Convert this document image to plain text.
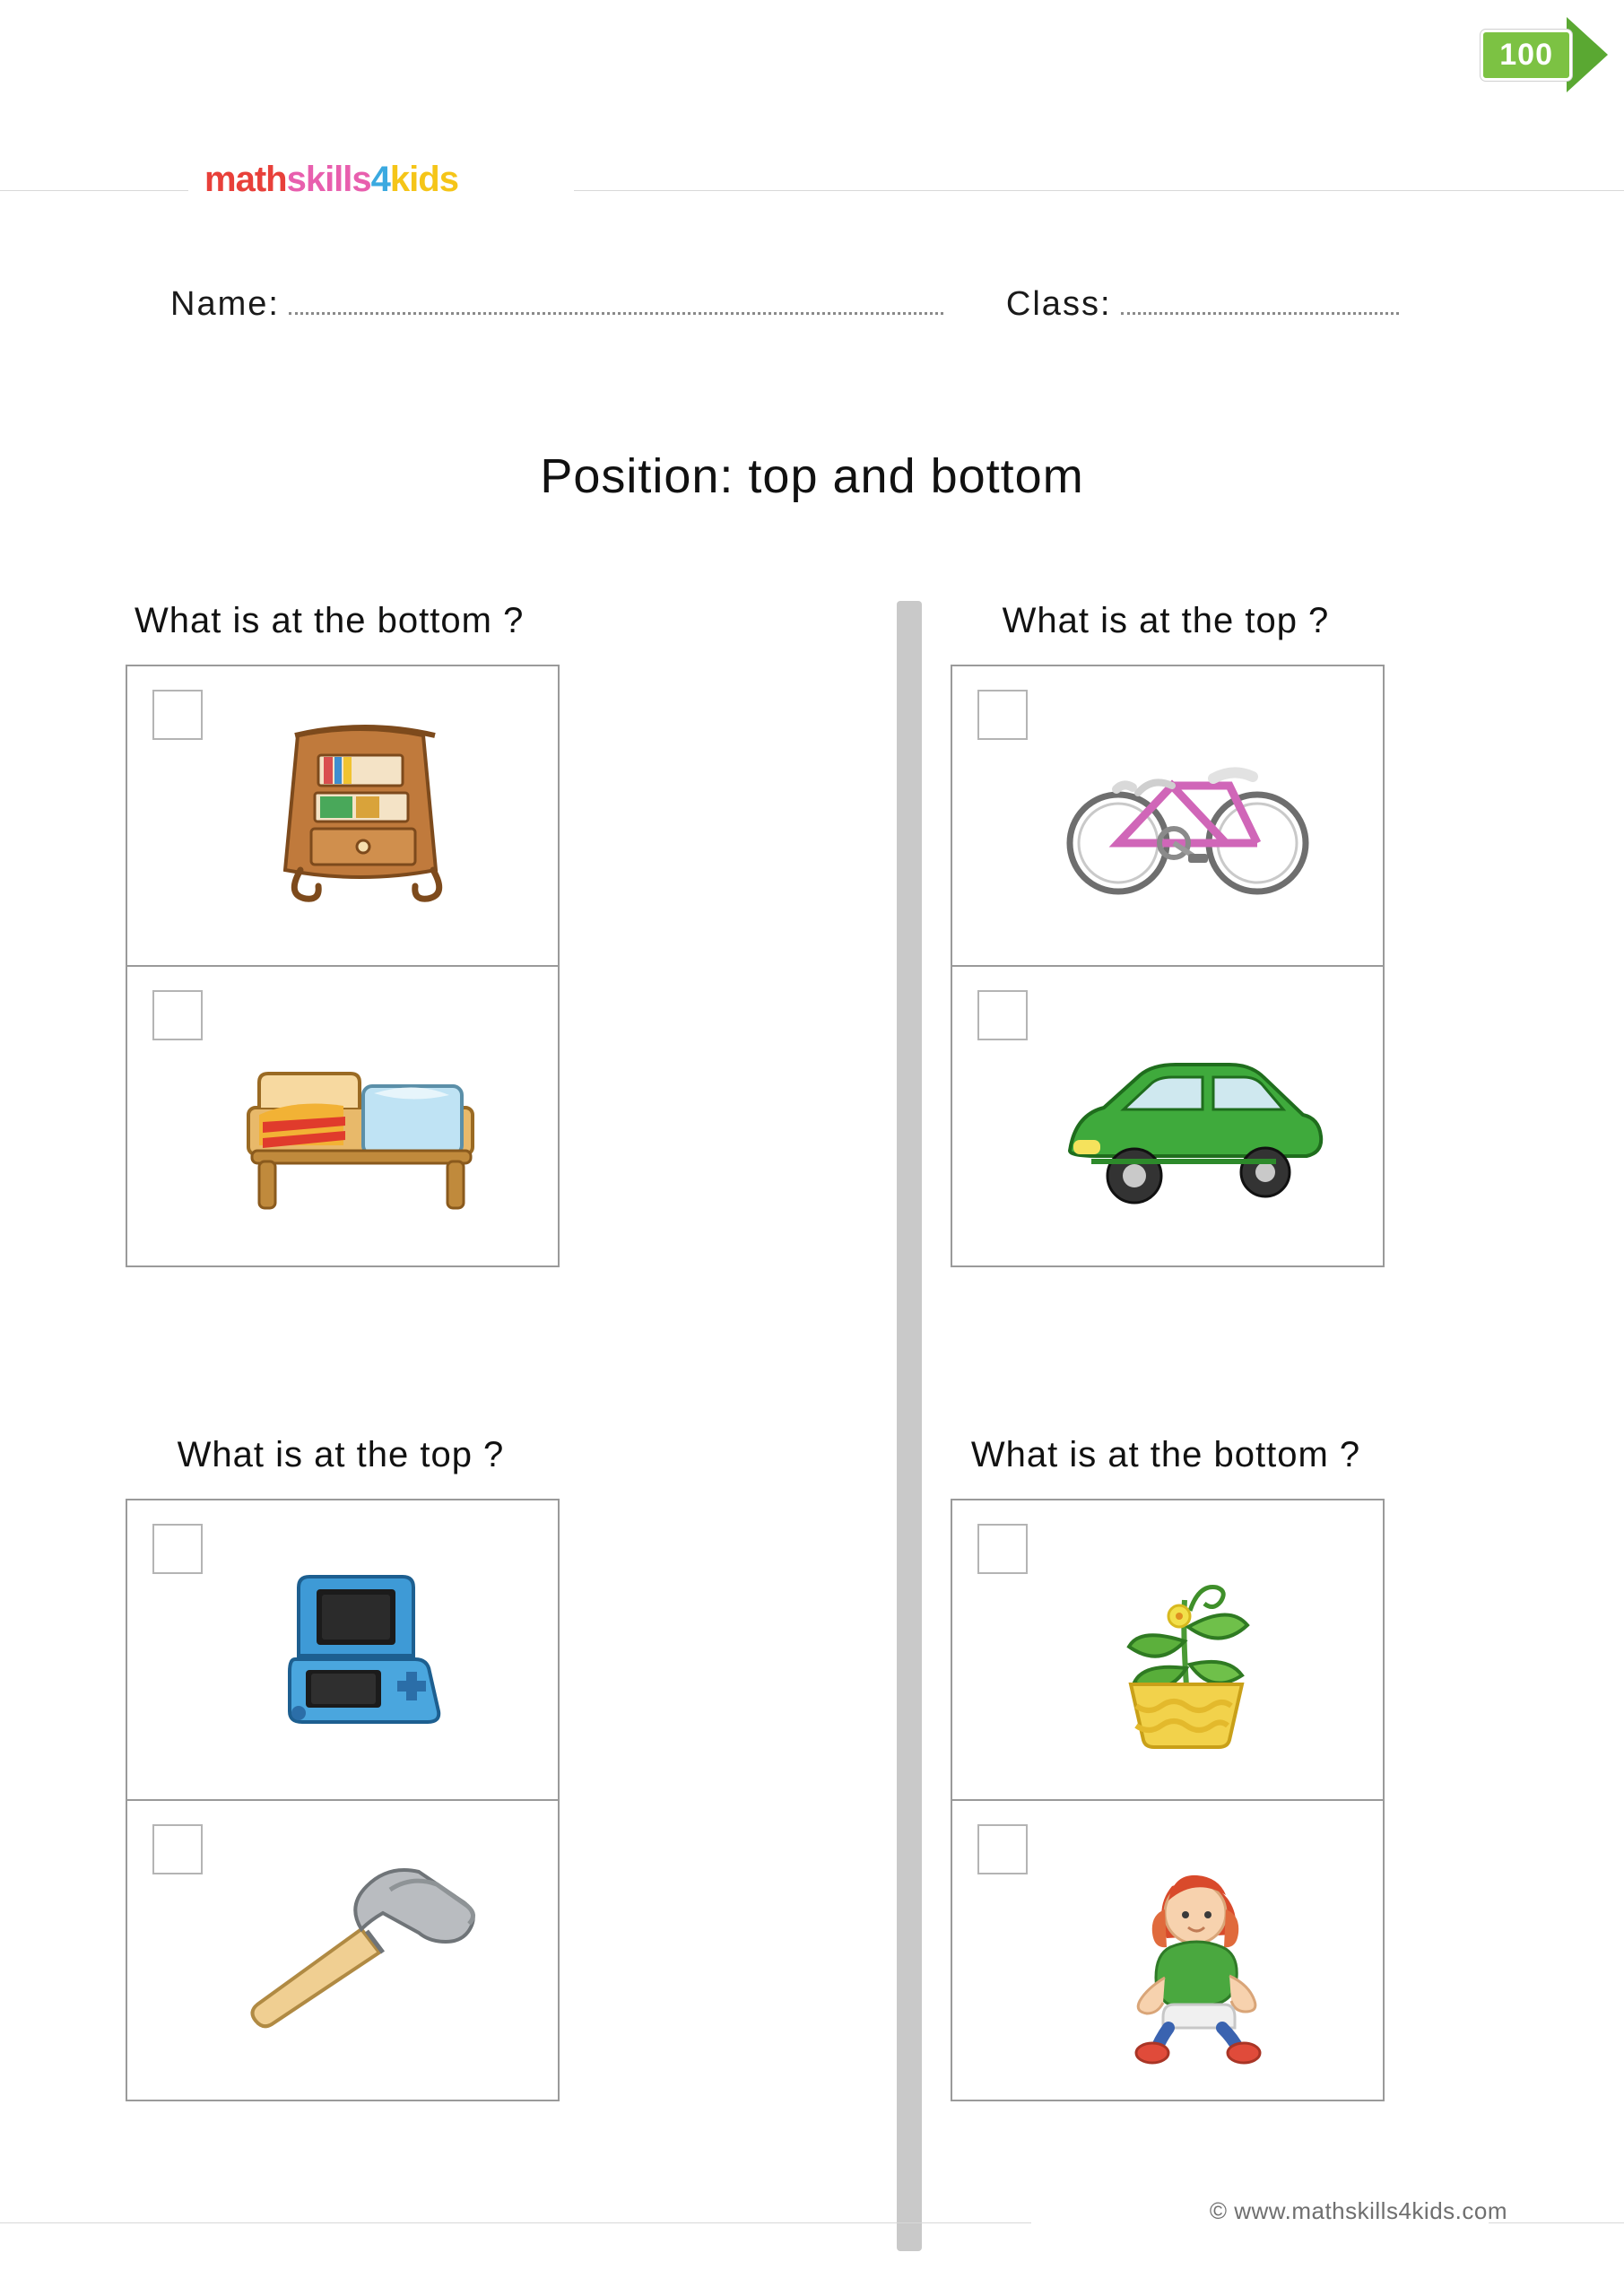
100
mathskills4kids
Name:	Class:
Position: top and bottom
What is at the bottom ?	What is at the top ?
What is at the top ?	What is at the bottom ?
© www.mathskills4kids.com
